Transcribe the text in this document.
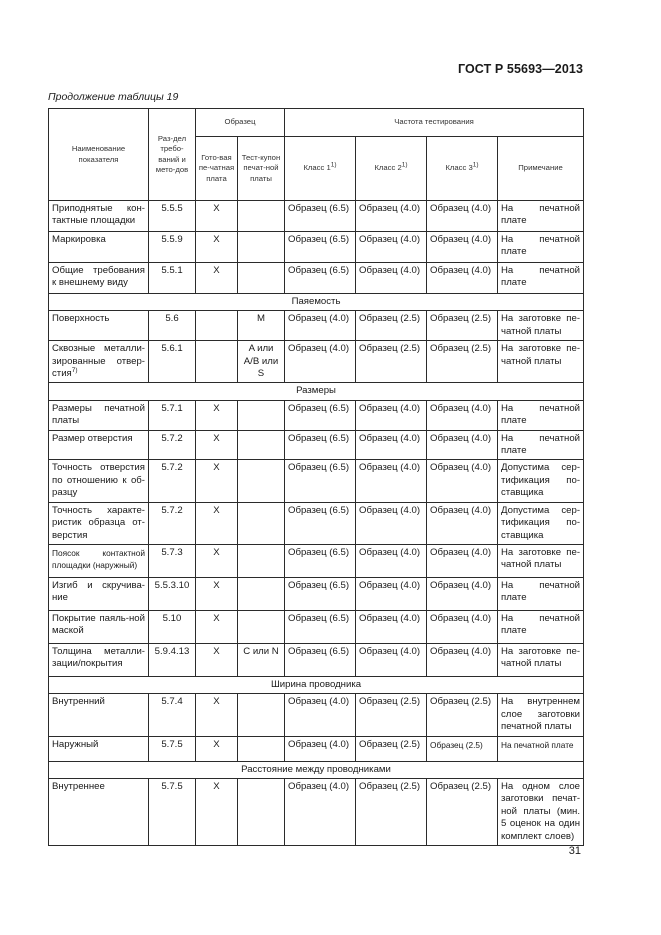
ГОСТ Р 55693—2013
Продолжение таблицы 19
Наименование показателя	Раз-дел требо-ваний и мето-дов	Образец		Частота тестирования			
		Гото-вая пе-чатная плата	Тест-купон печат-ной платы	Класс 1$^{1)}$	Класс 2$^{1)}$	Класс 3$^{1)}$	Примечание
Приподнятые кон-тактные площадки	5.5.5	X		Образец (6.5)	Образец (4.0)	Образец (4.0)	На печатной плате
Маркировка	5.5.9	X		Образец (6.5)	Образец (4.0)	Образец (4.0)	На печатной плате
Общие требования к внешнему виду	5.5.1	X		Образец (6.5)	Образец (4.0)	Образец (4.0)	На печатной плате
Паяемость							
Поверхность	5.6		M	Образец (4.0)	Образец (2.5)	Образец (2.5)	На заготовке пе-чатной платы
Сквозные металли-зированные отвер-стия$^{7)}$	5.6.1		A или A/B или S	Образец (4.0)	Образец (2.5)	Образец (2.5)	На заготовке пе-чатной платы
Размеры							
Размеры печатной платы	5.7.1	X		Образец (6.5)	Образец (4.0)	Образец (4.0)	На печатной плате
Размер отверстия	5.7.2	X		Образец (6.5)	Образец (4.0)	Образец (4.0)	На печатной плате
Точность отверстия по отношению к об-разцу	5.7.2	X		Образец (6.5)	Образец (4.0)	Образец (4.0)	Допустима сер-тификация по-ставщика
Точность характе-ристик образца от-верстия	5.7.2	X		Образец (6.5)	Образец (4.0)	Образец (4.0)	Допустима сер-тификация по-ставщика
Поясок контактной площадки (наружный)	5.7.3	X		Образец (6.5)	Образец (4.0)	Образец (4.0)	На заготовке пе-чатной платы
Изгиб и скручива-ние	5.5.3.10	X		Образец (6.5)	Образец (4.0)	Образец (4.0)	На печатной плате
Покрытие паяль-ной маской	5.10	X		Образец (6.5)	Образец (4.0)	Образец (4.0)	На печатной плате
Толщина металли-зации/покрытия	5.9.4.13	X	C или N	Образец (6.5)	Образец (4.0)	Образец (4.0)	На заготовке пе-чатной платы
Ширина проводника							
Внутренний	5.7.4	X		Образец (4.0)	Образец (2.5)	Образец (2.5)	На внутреннем слое заготовки печатной платы
Наружный	5.7.5	X		Образец (4.0)	Образец (2.5)	Образец (2.5)	На печатной плате
Расстояние между проводниками							
Внутреннее	5.7.5	X		Образец (4.0)	Образец (2.5)	Образец (2.5)	На одном слое заготовки печат-ной платы (мин. 5 оценок на один комплект слоев)
31
